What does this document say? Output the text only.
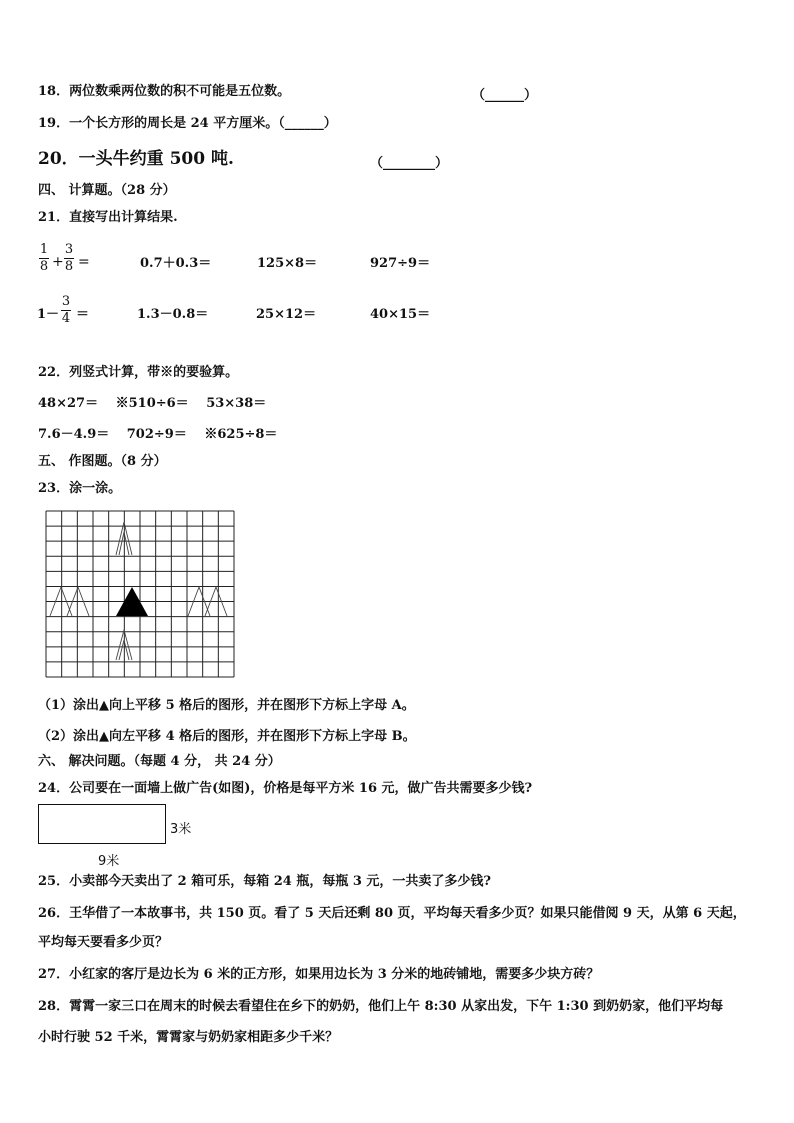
18．两位数乘两位数的积不可能是五位数。	（______）
19．一个长方形的周长是 24 平方厘米。（______）
20．一头牛约重 500 吨.	（________）
四、 计算题。（28 分）
21．直接写出计算结果.
1
8 +
3
8 =	0.7＋0.3＝	125×8＝	927÷9＝
1－
3
4 ＝	1.3－0.8＝	25×12＝	40×15＝
22．列竖式计算，带※的要验算。
48×27＝　 ※510÷6＝　 53×38＝
7.6－4.9＝　 702÷9＝　 ※625÷8＝
五、 作图题。（8 分）
23．涂一涂。
（1）涂出▲向上平移 5 格后的图形，并在图形下方标上字母 A。
（2）涂出▲向左平移 4 格后的图形，并在图形下方标上字母 B。
六、 解决问题。（每题 4 分， 共 24 分）
24．公司要在一面墙上做广告(如图)，价格是每平方米 16 元，做广告共需要多少钱?
3米
9米
25．小卖部今天卖出了 2 箱可乐，每箱 24 瓶，每瓶 3 元，一共卖了多少钱?
26．王华借了一本故事书，共 150 页。看了 5 天后还剩 80 页，平均每天看多少页？如果只能借阅 9 天，从第 6 天起，
平均每天要看多少页？
27．小红家的客厅是边长为 6 米的正方形，如果用边长为 3 分米的地砖铺地，需要多少块方砖？
28．霄霄一家三口在周末的时候去看望住在乡下的奶奶，他们上午 8:30 从家出发，下午 1:30 到奶奶家，他们平均每
小时行驶 52 千米，霄霄家与奶奶家相距多少千米？
